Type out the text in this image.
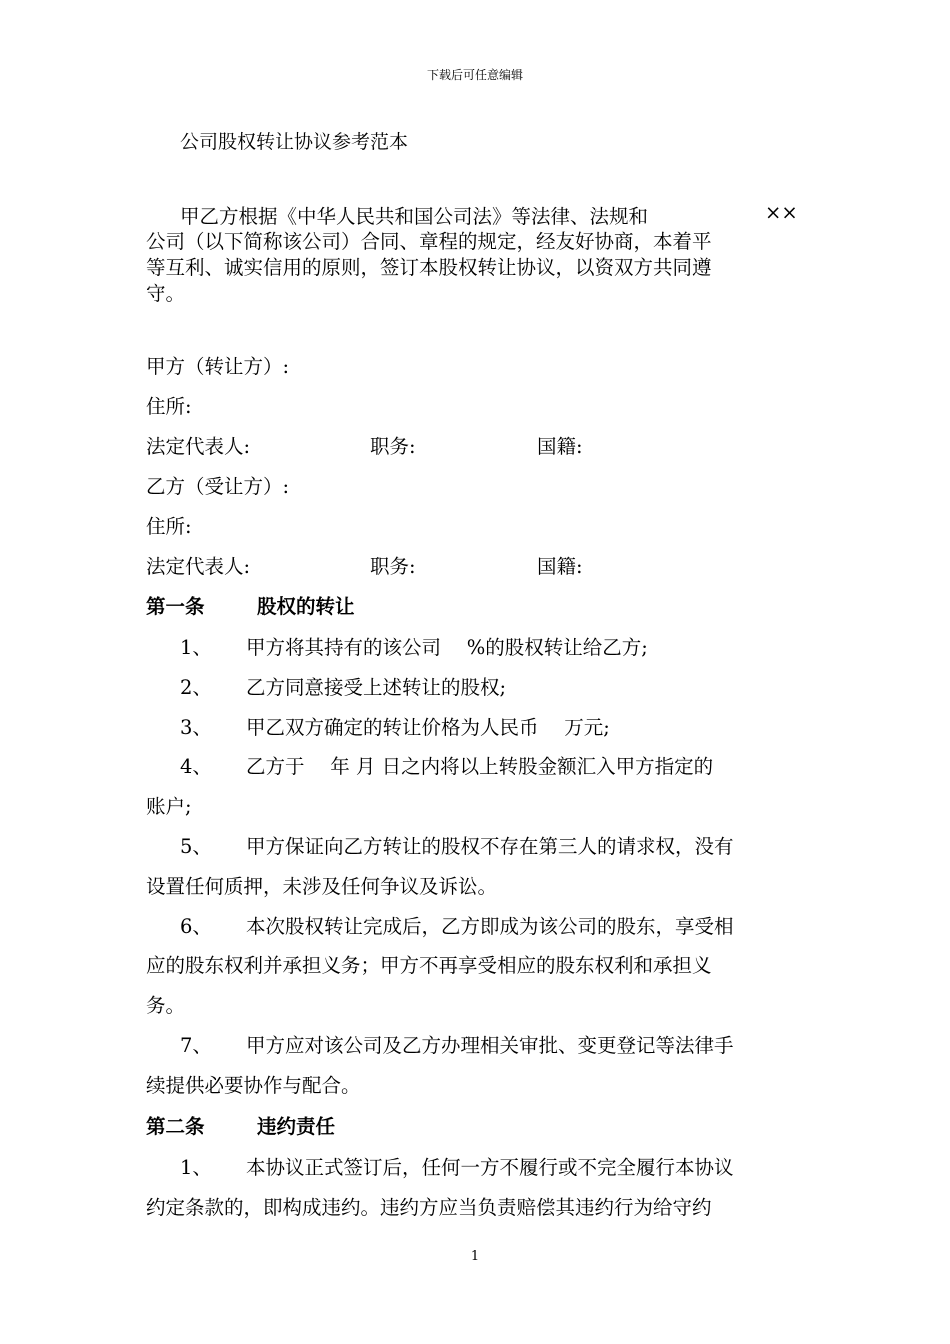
下载后可任意编辑
公司股权转让协议参考范本
甲乙方根据《中华人民共和国公司法》等法律、法规和	××
公司（以下简称该公司）合同、章程的规定，经友好协商，本着平
等互利、诚实信用的原则，签订本股权转让协议，以资双方共同遵
守。
甲方（转让方）:
住所:
法定代表人:	职务:	国籍:
乙方（受让方）:
住所:
法定代表人:	职务:	国籍:
第一条	股权的转让
1、 甲方将其持有的该公司　 %的股权转让给乙方;
2、 乙方同意接受上述转让的股权;
3、 甲乙双方确定的转让价格为人民币　 万元;
4、 乙方于　 年 月 日之内将以上转股金额汇入甲方指定的
账户;
5、 甲方保证向乙方转让的股权不存在第三人的请求权，没有
设置任何质押，未涉及任何争议及诉讼。
6、 本次股权转让完成后，乙方即成为该公司的股东，享受相
应的股东权利并承担义务；甲方不再享受相应的股东权利和承担义
务。
7、 甲方应对该公司及乙方办理相关审批、变更登记等法律手
续提供必要协作与配合。
第二条	违约责任
1、 本协议正式签订后，任何一方不履行或不完全履行本协议
约定条款的，即构成违约。违约方应当负责赔偿其违约行为给守约
1
